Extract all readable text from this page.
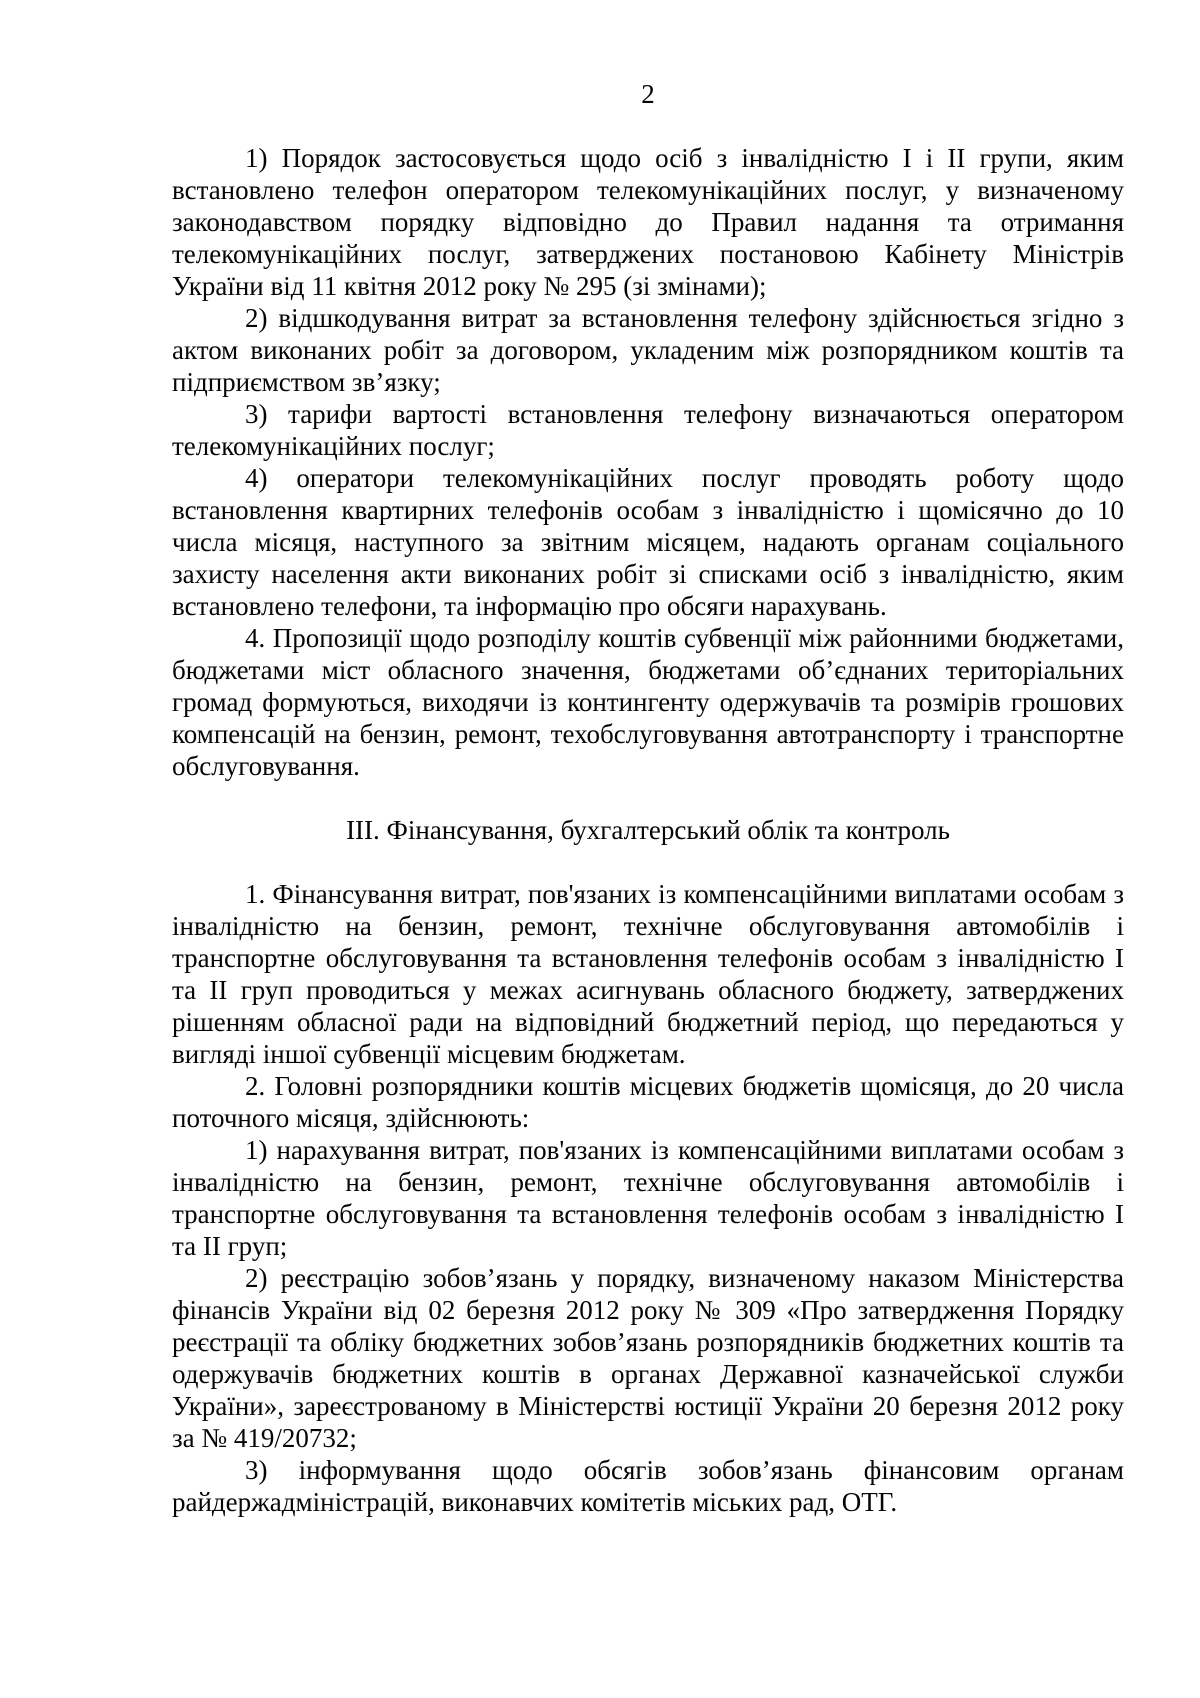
2

1) Порядок застосовується щодо осіб з інвалідністю І і ІІ групи, яким встановлено телефон оператором телекомунікаційних послуг, у визначеному законодавством порядку відповідно до Правил надання та отримання телекомунікаційних послуг, затверджених постановою Кабінету Міністрів України від 11 квітня 2012 року № 295 (зі змінами);

2) відшкодування витрат за встановлення телефону здійснюється згідно з актом виконаних робіт за договором, укладеним між розпорядником коштів та підприємством зв’язку;

3) тарифи вартості встановлення телефону визначаються оператором телекомунікаційних послуг;

4) оператори телекомунікаційних послуг проводять роботу щодо встановлення квартирних телефонів особам з інвалідністю і щомісячно до 10 числа місяця, наступного за звітним місяцем, надають органам соціального захисту населення акти виконаних робіт зі списками осіб з інвалідністю, яким встановлено телефони, та інформацію про обсяги нарахувань.

4. Пропозиції щодо розподілу коштів субвенції між районними бюджетами, бюджетами міст обласного значення, бюджетами об’єднаних територіальних громад формуються, виходячи із контингенту одержувачів та розмірів грошових компенсацій на бензин, ремонт, техобслуговування автотранспорту і транспортне обслуговування.

ІІІ. Фінансування, бухгалтерський облік та контроль

1. Фінансування витрат, пов'язаних із компенсаційними виплатами особам з інвалідністю на бензин, ремонт, технічне обслуговування автомобілів і транспортне обслуговування та встановлення телефонів особам з інвалідністю І та ІІ груп проводиться у межах асигнувань обласного бюджету, затверджених рішенням обласної ради на відповідний бюджетний період, що передаються у вигляді іншої субвенції місцевим бюджетам.

2. Головні розпорядники коштів місцевих бюджетів щомісяця, до 20 числа поточного місяця, здійснюють:

1) нарахування витрат, пов'язаних із компенсаційними виплатами особам з інвалідністю на бензин, ремонт, технічне обслуговування автомобілів і транспортне обслуговування та встановлення телефонів особам з інвалідністю І та ІІ груп;

2) реєстрацію зобов’язань у порядку, визначеному наказом Міністерства фінансів України від 02 березня 2012 року № 309 «Про затвердження Порядку реєстрації та обліку бюджетних зобов’язань розпорядників бюджетних коштів та одержувачів бюджетних коштів в органах Державної казначейської служби України», зареєстрованому в Міністерстві юстиції України 20 березня 2012 року за № 419/20732;

3) інформування щодо обсягів зобов’язань фінансовим органам райдержадміністрацій, виконавчих комітетів міських рад, ОТГ.
